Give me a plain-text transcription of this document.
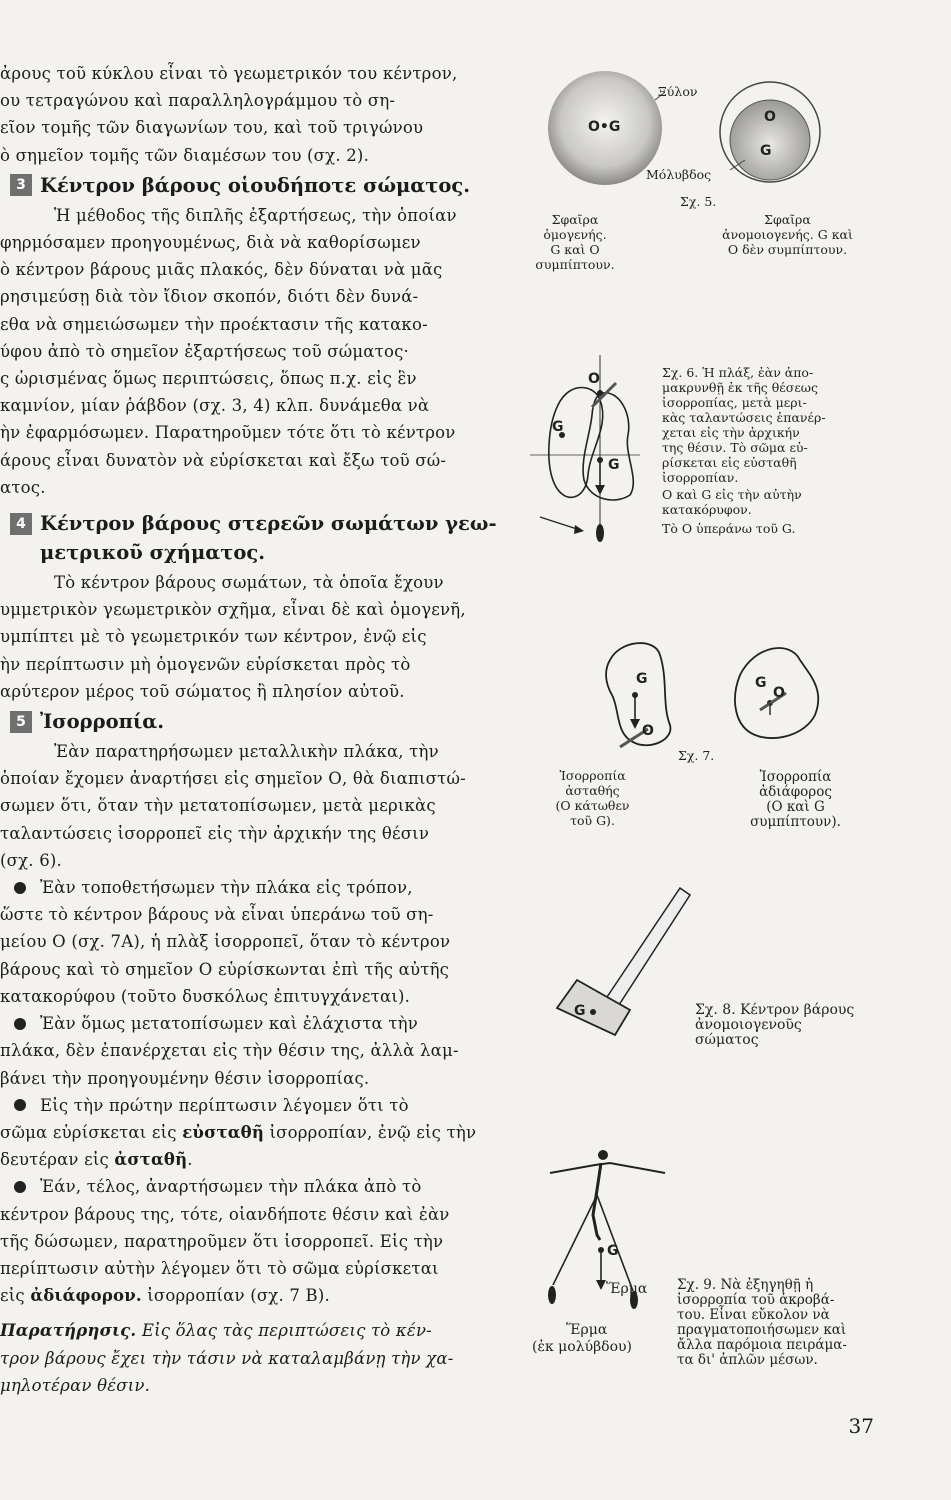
ἀρους τοῦ κύκλου εἶναι τὸ γεωμετρικόν του κέντρον,
ου τετραγώνου καὶ παραλληλογράμμου τὸ ση-
εῖον τομῆς τῶν διαγωνίων του, καὶ τοῦ τριγώνου
ὸ σημεῖον τομῆς τῶν διαμέσων του (σχ. 2).
3 Κέντρον βάρους οἱουδήποτε σώματος.
Ἡ μέθοδος τῆς διπλῆς ἐξαρτήσεως, τὴν ὁποίαν
φηρμόσαμεν προηγουμένως, διὰ νὰ καθορίσωμεν
ὸ κέντρον βάρους μιᾶς πλακός, δὲν δύναται νὰ μᾶς
ρησιμεύσῃ διὰ τὸν ἴδιον σκοπόν, διότι δὲν δυνά-
εθα νὰ σημειώσωμεν τὴν προέκτασιν τῆς κατακο-
ύφου ἀπὸ τὸ σημεῖον ἐξαρτήσεως τοῦ σώματος·
ς ὡρισμένας ὅμως περιπτώσεις, ὅπως π.χ. εἰς ἓν
καμνίον, μίαν ῥάβδον (σχ. 3, 4) κλπ. δυνάμεθα νὰ
ὴν ἐφαρμόσωμεν. Παρατηροῦμεν τότε ὅτι τὸ κέντρον
άρους εἶναι δυνατὸν νὰ εὑρίσκεται καὶ ἔξω τοῦ σώ-
ατος.
4 Κέντρον βάρους στερεῶν σωμάτων γεω-
μετρικοῦ σχήματος.
Τὸ κέντρον βάρους σωμάτων, τὰ ὁποῖα ἔχουν
υμμετρικὸν γεωμετρικὸν σχῆμα, εἶναι δὲ καὶ ὁμογενῆ,
υμπίπτει μὲ τὸ γεωμετρικόν των κέντρον, ἐνῷ εἰς
ὴν περίπτωσιν μὴ ὁμογενῶν εὑρίσκεται πρὸς τὸ
αρύτερον μέρος τοῦ σώματος ἢ πλησίον αὐτοῦ.
5 Ἰσορροπία.
Ἐὰν παρατηρήσωμεν μεταλλικὴν πλάκα, τὴν
ὁποίαν ἔχομεν ἀναρτήσει εἰς σημεῖον Ο, θὰ διαπιστώ-
σωμεν ὅτι, ὅταν τὴν μετατοπίσωμεν, μετὰ μερικὰς
ταλαντώσεις ἰσορροπεῖ εἰς τὴν ἀρχικήν της θέσιν
(σχ. 6).
Ἐὰν τοποθετήσωμεν τὴν πλάκα εἰς τρόπον,
ὥστε τὸ κέντρον βάρους νὰ εἶναι ὑπεράνω τοῦ ση-
μείου Ο (σχ. 7Α), ἡ πλὰξ ἰσορροπεῖ, ὅταν τὸ κέντρον
βάρους καὶ τὸ σημεῖον Ο εὑρίσκωνται ἐπὶ τῆς αὐτῆς
κατακορύφου (τοῦτο δυσκόλως ἐπιτυγχάνεται).
Ἐὰν ὅμως μετατοπίσωμεν καὶ ἐλάχιστα τὴν
πλάκα, δὲν ἐπανέρχεται εἰς τὴν θέσιν της, ἀλλὰ λαμ-
βάνει τὴν προηγουμένην θέσιν ἰσορροπίας.
Εἰς τὴν πρώτην περίπτωσιν λέγομεν ὅτι τὸ
σῶμα εὑρίσκεται εἰς εὐσταθῆ ἰσορροπίαν, ἐνῷ εἰς τὴν
δευτέραν εἰς ἀσταθῆ.
Ἐάν, τέλος, ἀναρτήσωμεν τὴν πλάκα ἀπὸ τὸ
κέντρον βάρους της, τότε, οἱανδήποτε θέσιν καὶ ἐὰν
τῆς δώσωμεν, παρατηροῦμεν ὅτι ἰσορροπεῖ. Εἰς τὴν
περίπτωσιν αὐτὴν λέγομεν ὅτι τὸ σῶμα εὑρίσκεται
εἰς ἀδιάφορον. ἰσορροπίαν (σχ. 7 Β).
Παρατήρησις. Εἰς ὅλας τὰς περιπτώσεις τὸ κέν-
τρον βάρους ἔχει τὴν τάσιν νὰ καταλαμβάνῃ τὴν χα-
μηλοτέραν θέσιν.
Ξύλον
O•G
O
G
Μόλυβδος
Σχ. 5.
Σφαῖρα
ὁμογενής.
G καὶ O
συμπίπτουν.
Σφαῖρα
ἀνομοιογενής. G καὶ
O δὲν συμπίπτουν.
O
G
G
Σχ. 6. Ἡ πλάξ, ἐὰν ἀπο-
μακρυνθῇ ἐκ τῆς θέσεως
ἰσορροπίας, μετὰ μερι-
κὰς ταλαντώσεις ἐπανέρ-
χεται εἰς τὴν ἀρχικήν
της θέσιν. Τὸ σῶμα εὑ-
ρίσκεται εἰς εὐσταθῆ
ἰσορροπίαν.
O καὶ G εἰς τὴν αὐτὴν
κατακόρυφον.
Τὸ O ὑπεράνω τοῦ G.
G
O
G
O
Σχ. 7.
Ἰσορροπία
ἀσταθής
(O κάτωθεν
τοῦ G).
Ἰσορροπία
ἀδιάφορος
(O καὶ G
συμπίπτουν).
G	Σχ. 8. Κέντρον βάρους
ἀνομοιογενοῦς σώματος
G
Ἕρμα
Ἕρμα
(ἐκ μολύβδου)
Σχ. 9. Νὰ ἐξηγηθῇ ἡ
ἰσορροπία τοῦ ἀκροβά-
του. Εἶναι εὔκολον νὰ
πραγματοποιήσωμεν καὶ
ἄλλα παρόμοια πειράμα-
τα δι' ἁπλῶν μέσων.
37
